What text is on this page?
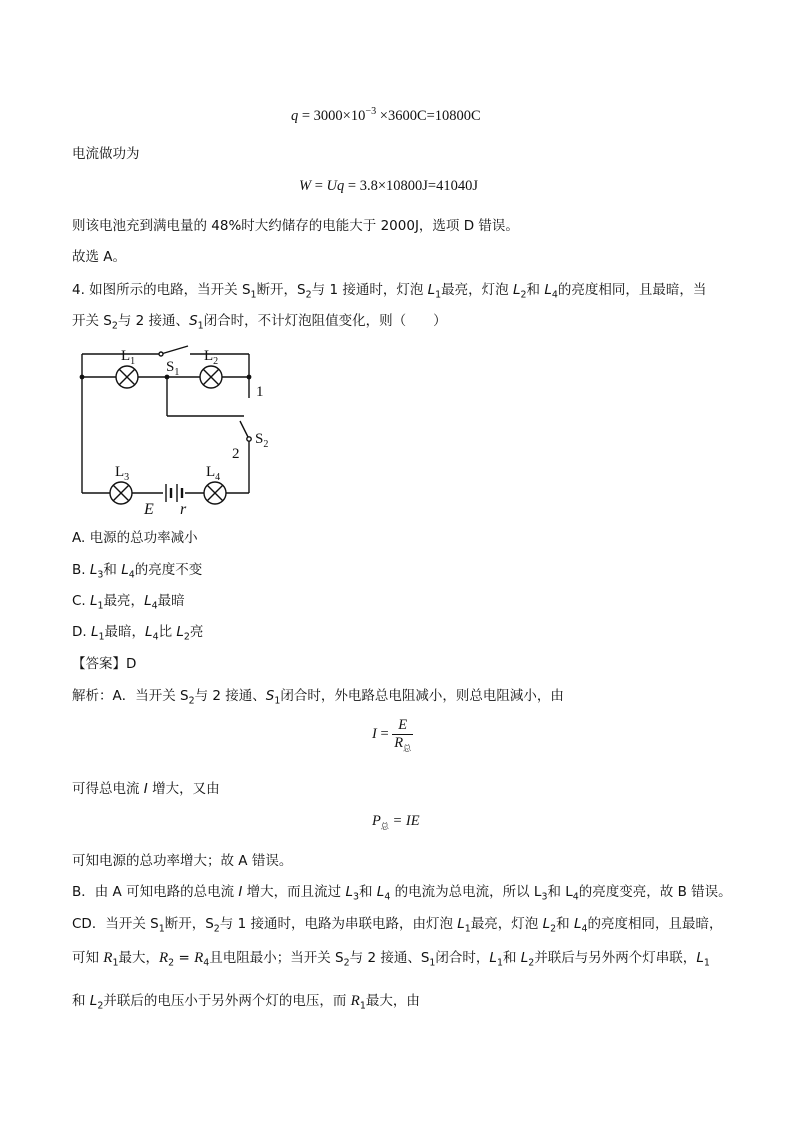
$q = 3000\times 10^{-3} \times 3600C=10800C$
电流做功为
W = Uq = 3.8×10800J=41040J
则该电池充到满电量的 48%时大约储存的电能大于 2000J，选项 D 错误。
故选 A。
4. 如图所示的电路，当开关 $S_1$断开，$S_2$与 1 接通时，灯泡 $L_1$最亮，灯泡 $L_2$和 $L_4$的亮度相同，且最暗，当
开关 $S_2$与 2 接通、$S_1$闭合时，不计灯泡阻值变化，则（　　）
$S_1$
$L_1$	$L_2$
$L_3$	$L_4$
$S_2$
1
2
E r
A. 电源的总功率减小
B. $L_3$和 $L_4$的亮度不变
C. $L_1$最亮，$L_4$最暗
D. $L_1$最暗，$L_4$比 $L_2$亮
【答案】D
解析：A．当开关 $S_2$与 2 接通、$S_1$闭合时，外电路总电阻减小，则总电阻減小，由
$I = \frac{E}{R_总}$
可得总电流 I 增大，又由
$P_总$ = IE
可知电源的总功率增大；故 A 错误。
B．由 A 可知电路的总电流 I 增大，而且流过 $L_3$和 $L_4$ 的电流为总电流，所以 $L_3$和 $L_4$的亮度变亮，故 B 错误。
CD．当开关 $S_1$断开，$S_2$与 1 接通时，电路为串联电路，由灯泡 $L_1$最亮，灯泡 $L_2$和 $L_4$的亮度相同，且最暗，
可知 $R_1$最大，$R_2 = R_4$且电阻最小；当开关 $S_2$与 2 接通、$S_1$闭合时，$L_1$和 $L_2$并联后与另外两个灯串联，$L_1$
和 $L_2$并联后的电压小于另外两个灯的电压，而 $R_1$最大，由
